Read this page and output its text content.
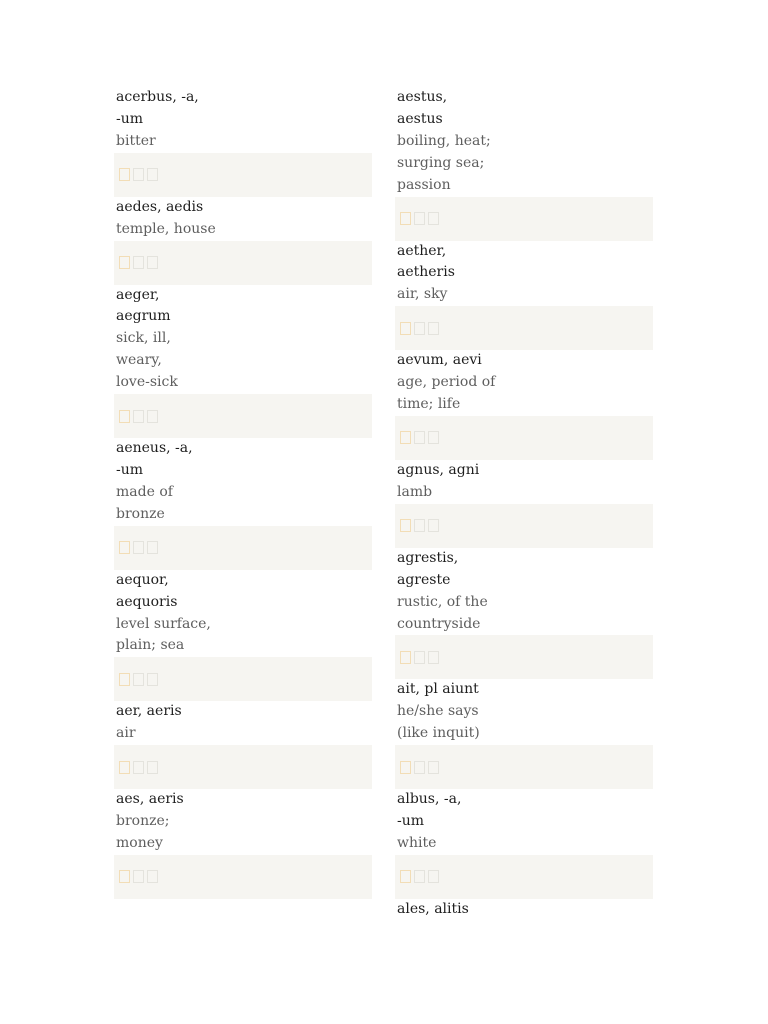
acerbus, -a,
-um

bitter

aedes, aedis

temple, house

aeger,
aegrum

sick, ill,
weary,
love-sick

aeneus, -a,
-um

made of
bronze

aequor,
aequoris

level surface,
plain; sea

aer, aeris

air

aes, aeris

bronze;
money

aestus,
aestus

boiling, heat;
surging sea;
passion

aether,
aetheris

air, sky

aevum, aevi

age, period of
time; life

agnus, agni

lamb

agrestis,
agreste

rustic, of the
countryside

ait, pl aiunt

he/she says
(like inquit)

albus, -a,
-um

white

ales, alitis
